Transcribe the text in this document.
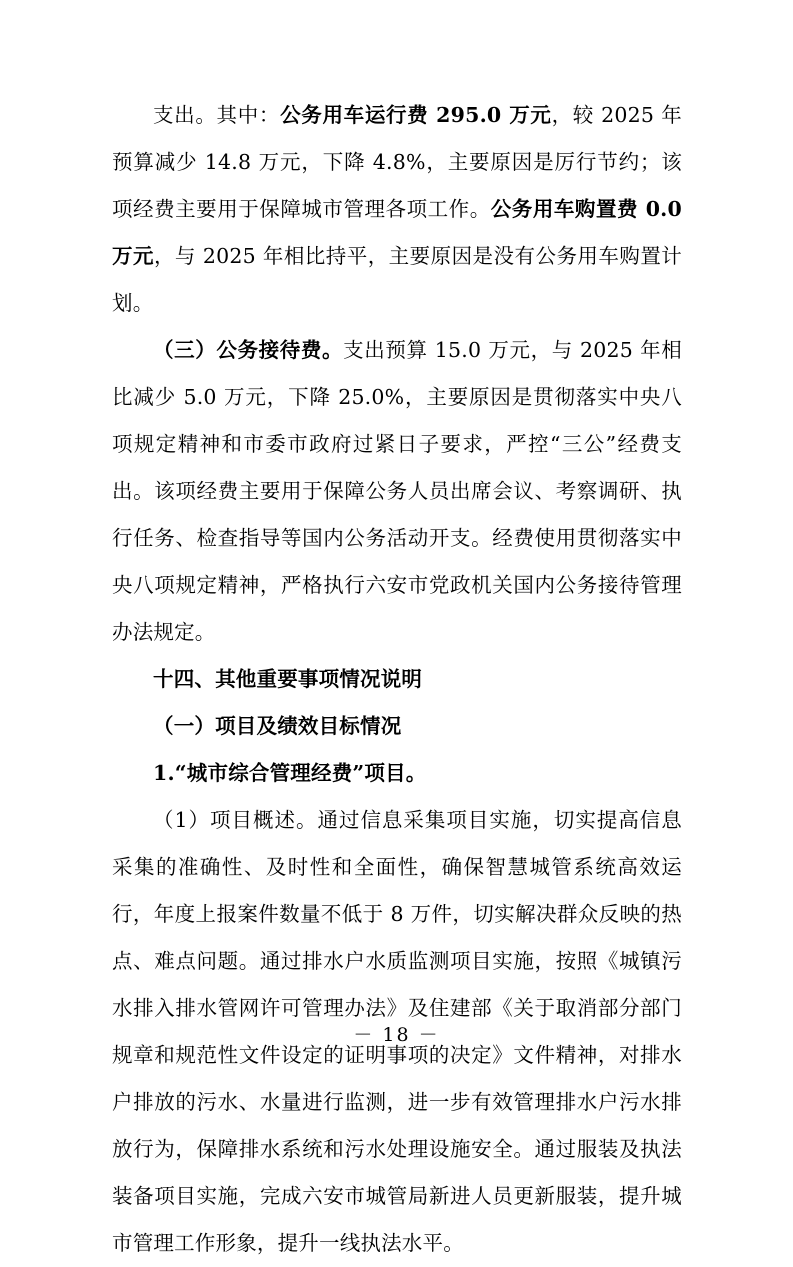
支出。其中：公务用车运行费 295.0 万元，较 2025 年预算减少 14.8 万元，下降 4.8%，主要原因是厉行节约；该项经费主要用于保障城市管理各项工作。公务用车购置费 0.0 万元，与 2025 年相比持平，主要原因是没有公务用车购置计划。

（三）公务接待费。支出预算 15.0 万元，与 2025 年相比减少 5.0 万元，下降 25.0%，主要原因是贯彻落实中央八项规定精神和市委市政府过紧日子要求，严控“三公”经费支出。该项经费主要用于保障公务人员出席会议、考察调研、执行任务、检查指导等国内公务活动开支。经费使用贯彻落实中央八项规定精神，严格执行六安市党政机关国内公务接待管理办法规定。

十四、其他重要事项情况说明

（一）项目及绩效目标情况

1.“城市综合管理经费”项目。

（1）项目概述。通过信息采集项目实施，切实提高信息采集的准确性、及时性和全面性，确保智慧城管系统高效运行，年度上报案件数量不低于 8 万件，切实解决群众反映的热点、难点问题。通过排水户水质监测项目实施，按照《城镇污水排入排水管网许可管理办法》及住建部《关于取消部分部门规章和规范性文件设定的证明事项的决定》文件精神，对排水户排放的污水、水量进行监测，进一步有效管理排水户污水排放行为，保障排水系统和污水处理设施安全。通过服装及执法装备项目实施，完成六安市城管局新进人员更新服装，提升城市管理工作形象，提升一线执法水平。

－ 18 －
